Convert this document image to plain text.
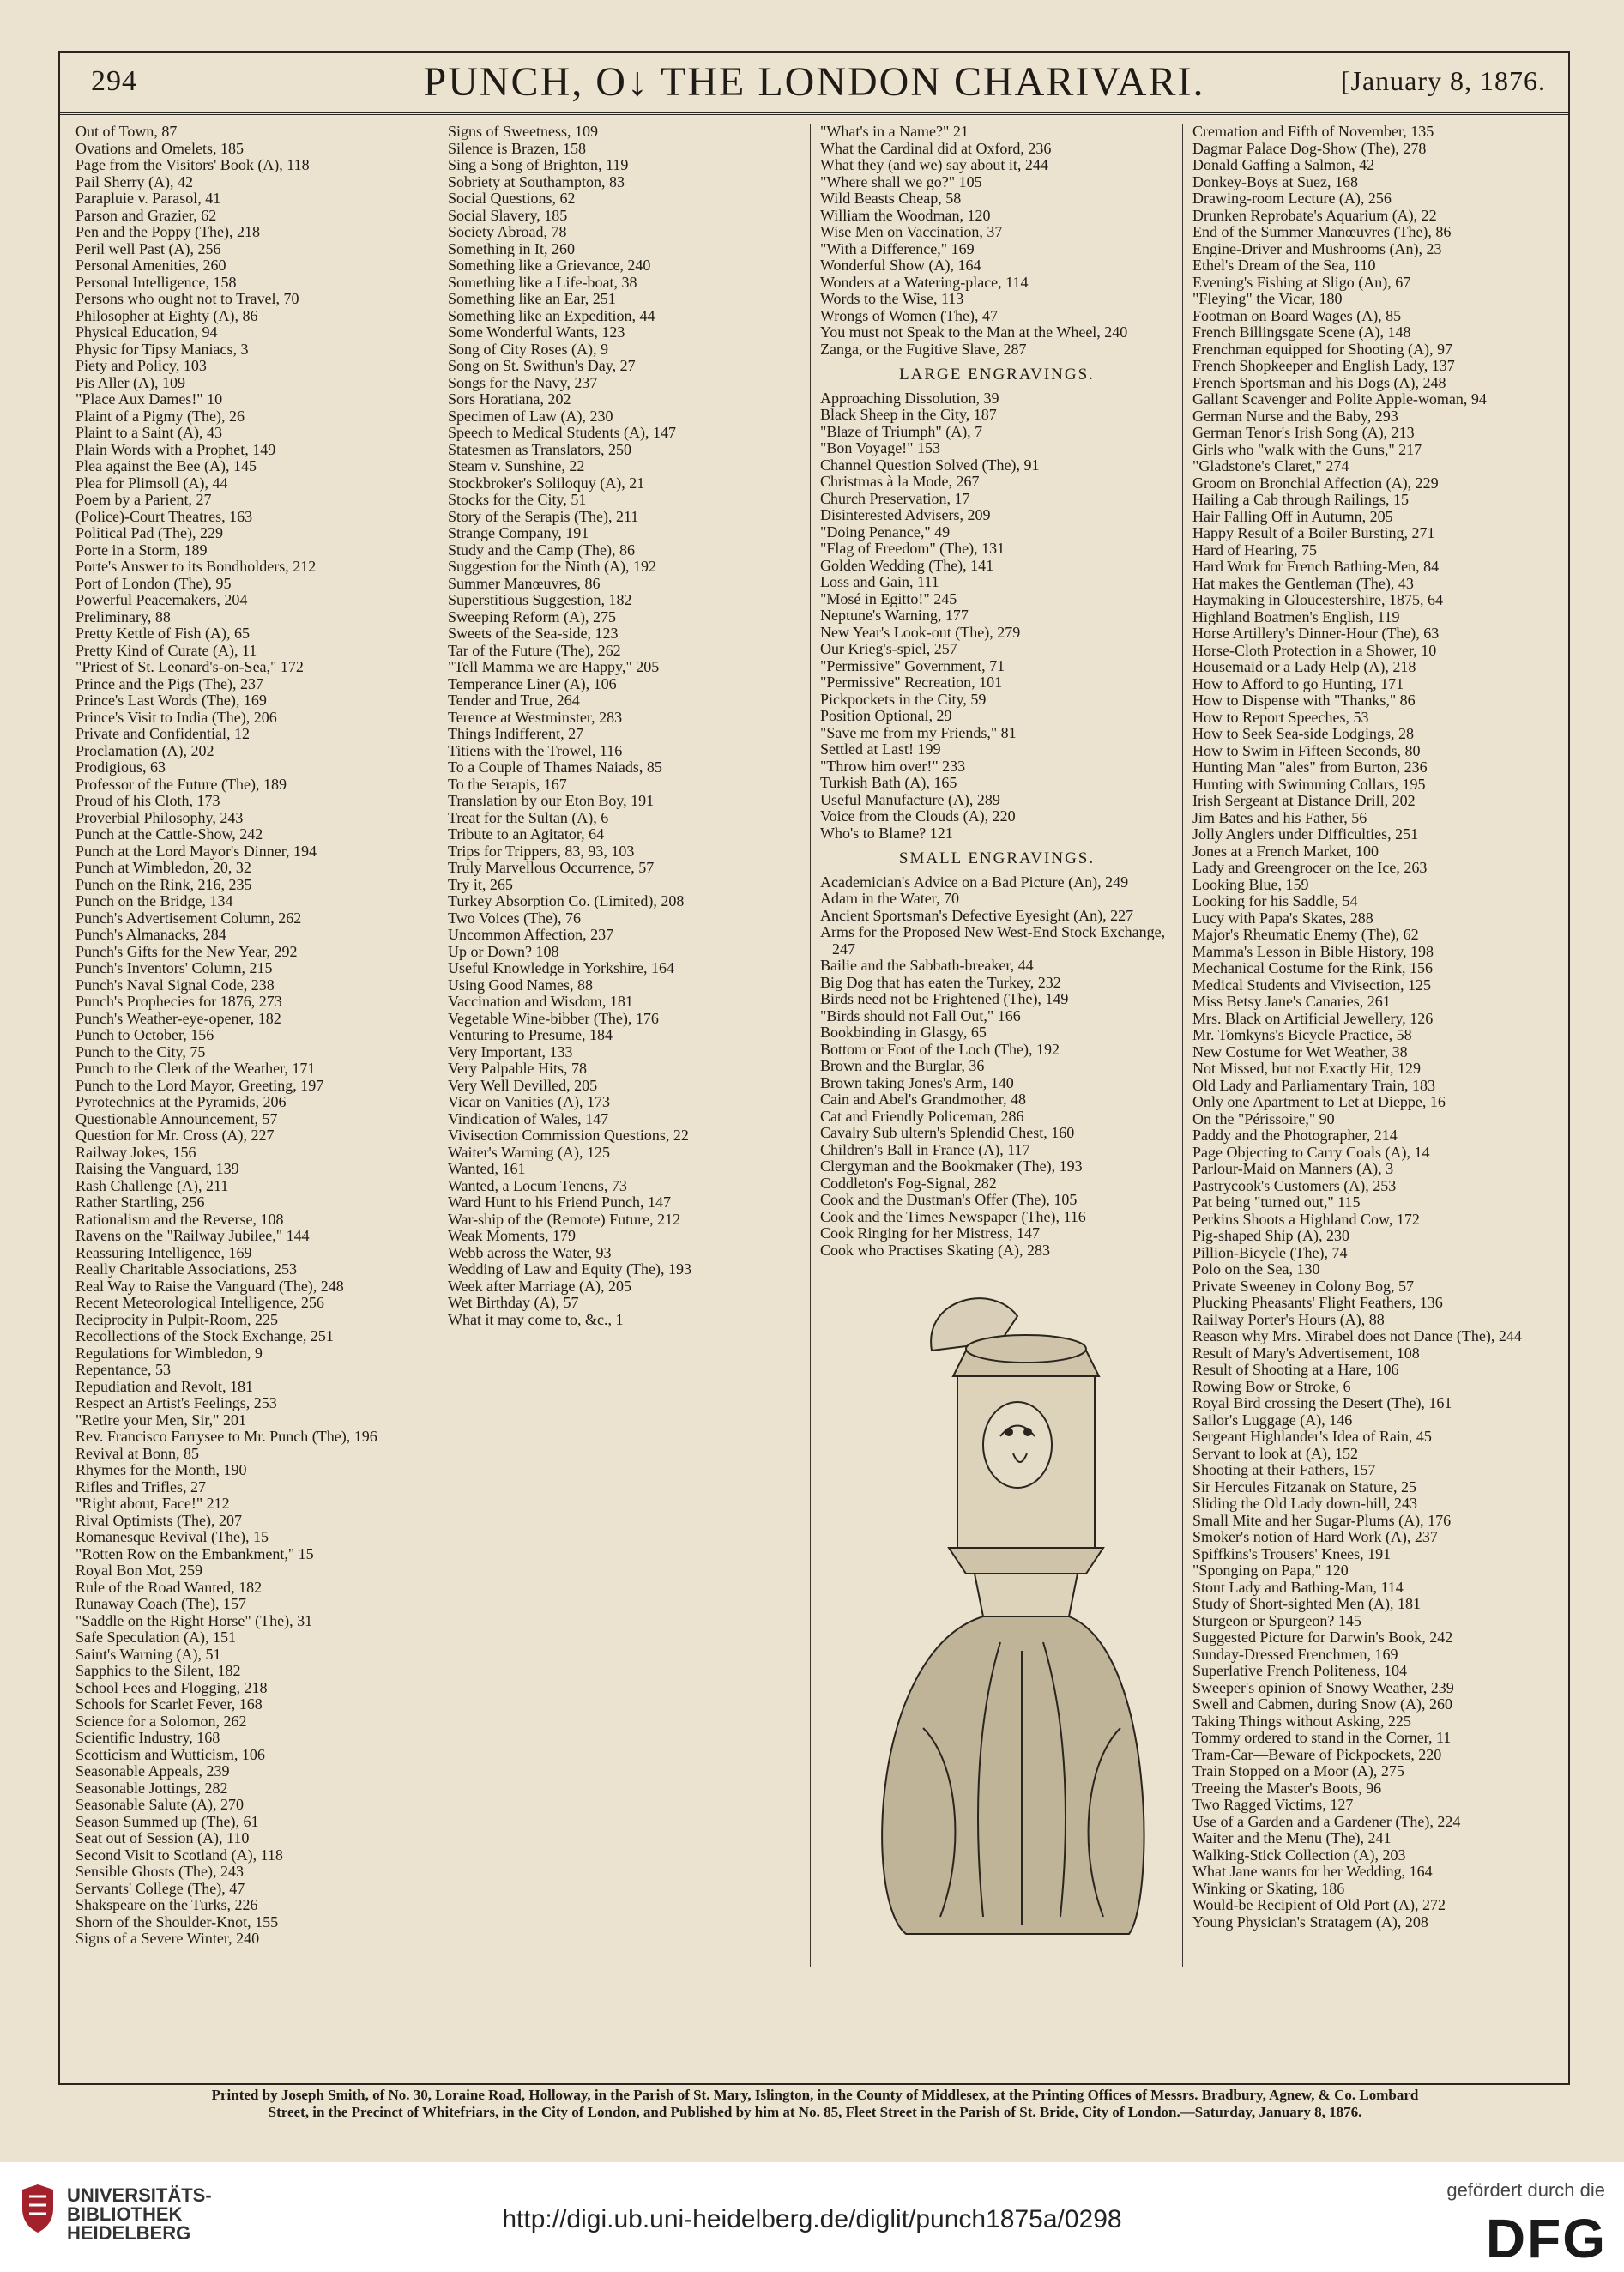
294	PUNCH, O↓ THE LONDON CHARIVARI.	[January 8, 1876.
Out of Town, 87
Ovations and Omelets, 185
Page from the Visitors' Book (A), 118
Pail Sherry (A), 42
Parapluie v. Parasol, 41
Parson and Grazier, 62
Pen and the Poppy (The), 218
Peril well Past (A), 256
Personal Amenities, 260
Personal Intelligence, 158
Persons who ought not to Travel, 70
Philosopher at Eighty (A), 86
Physical Education, 94
Physic for Tipsy Maniacs, 3
Piety and Policy, 103
Pis Aller (A), 109
"Place Aux Dames!" 10
Plaint of a Pigmy (The), 26
Plaint to a Saint (A), 43
Plain Words with a Prophet, 149
Plea against the Bee (A), 145
Plea for Plimsoll (A), 44
Poem by a Parient, 27
(Police)-Court Theatres, 163
Political Pad (The), 229
Porte in a Storm, 189
Porte's Answer to its Bondholders, 212
Port of London (The), 95
Powerful Peacemakers, 204
Preliminary, 88
Pretty Kettle of Fish (A), 65
Pretty Kind of Curate (A), 11
"Priest of St. Leonard's-on-Sea," 172
Prince and the Pigs (The), 237
Prince's Last Words (The), 169
Prince's Visit to India (The), 206
Private and Confidential, 12
Proclamation (A), 202
Prodigious, 63
Professor of the Future (The), 189
Proud of his Cloth, 173
Proverbial Philosophy, 243
Punch at the Cattle-Show, 242
Punch at the Lord Mayor's Dinner, 194
Punch at Wimbledon, 20, 32
Punch on the Rink, 216, 235
Punch on the Bridge, 134
Punch's Advertisement Column, 262
Punch's Almanacks, 284
Punch's Gifts for the New Year, 292
Punch's Inventors' Column, 215
Punch's Naval Signal Code, 238
Punch's Prophecies for 1876, 273
Punch's Weather-eye-opener, 182
Punch to October, 156
Punch to the City, 75
Punch to the Clerk of the Weather, 171
Punch to the Lord Mayor, Greeting, 197
Pyrotechnics at the Pyramids, 206
Questionable Announcement, 57
Question for Mr. Cross (A), 227
Railway Jokes, 156
Raising the Vanguard, 139
Rash Challenge (A), 211
Rather Startling, 256
Rationalism and the Reverse, 108
Ravens on the "Railway Jubilee," 144
Reassuring Intelligence, 169
Really Charitable Associations, 253
Real Way to Raise the Vanguard (The), 248
Recent Meteorological Intelligence, 256
Reciprocity in Pulpit-Room, 225
Recollections of the Stock Exchange, 251
Regulations for Wimbledon, 9
Repentance, 53
Repudiation and Revolt, 181
Respect an Artist's Feelings, 253
"Retire your Men, Sir," 201
Rev. Francisco Farrysee to Mr. Punch (The), 196
Revival at Bonn, 85
Rhymes for the Month, 190
Rifles and Trifles, 27
"Right about, Face!" 212
Rival Optimists (The), 207
Romanesque Revival (The), 15
"Rotten Row on the Embankment," 15
Royal Bon Mot, 259
Rule of the Road Wanted, 182
Runaway Coach (The), 157
"Saddle on the Right Horse" (The), 31
Safe Speculation (A), 151
Saint's Warning (A), 51
Sapphics to the Silent, 182
School Fees and Flogging, 218
Schools for Scarlet Fever, 168
Science for a Solomon, 262
Scientific Industry, 168
Scotticism and Wutticism, 106
Seasonable Appeals, 239
Seasonable Jottings, 282
Seasonable Salute (A), 270
Season Summed up (The), 61
Seat out of Session (A), 110
Second Visit to Scotland (A), 118
Sensible Ghosts (The), 243
Servants' College (The), 47
Shakspeare on the Turks, 226
Shorn of the Shoulder-Knot, 155
Signs of a Severe Winter, 240
Signs of Sweetness, 109
Silence is Brazen, 158
Sing a Song of Brighton, 119
Sobriety at Southampton, 83
Social Questions, 62
Social Slavery, 185
Society Abroad, 78
Something in It, 260
Something like a Grievance, 240
Something like a Life-boat, 38
Something like an Ear, 251
Something like an Expedition, 44
Some Wonderful Wants, 123
Song of City Roses (A), 9
Song on St. Swithun's Day, 27
Songs for the Navy, 237
Sors Horatiana, 202
Specimen of Law (A), 230
Speech to Medical Students (A), 147
Statesmen as Translators, 250
Steam v. Sunshine, 22
Stockbroker's Soliloquy (A), 21
Stocks for the City, 51
Story of the Serapis (The), 211
Strange Company, 191
Study and the Camp (The), 86
Suggestion for the Ninth (A), 192
Summer Manœuvres, 86
Superstitious Suggestion, 182
Sweeping Reform (A), 275
Sweets of the Sea-side, 123
Tar of the Future (The), 262
"Tell Mamma we are Happy," 205
Temperance Liner (A), 106
Tender and True, 264
Terence at Westminster, 283
Things Indifferent, 27
Titiens with the Trowel, 116
To a Couple of Thames Naiads, 85
To the Serapis, 167
Translation by our Eton Boy, 191
Treat for the Sultan (A), 6
Tribute to an Agitator, 64
Trips for Trippers, 83, 93, 103
Truly Marvellous Occurrence, 57
Try it, 265
Turkey Absorption Co. (Limited), 208
Two Voices (The), 76
Uncommon Affection, 237
Up or Down? 108
Useful Knowledge in Yorkshire, 164
Using Good Names, 88
Vaccination and Wisdom, 181
Vegetable Wine-bibber (The), 176
Venturing to Presume, 184
Very Important, 133
Very Palpable Hits, 78
Very Well Devilled, 205
Vicar on Vanities (A), 173
Vindication of Wales, 147
Vivisection Commission Questions, 22
Waiter's Warning (A), 125
Wanted, 161
Wanted, a Locum Tenens, 73
Ward Hunt to his Friend Punch, 147
War-ship of the (Remote) Future, 212
Weak Moments, 179
Webb across the Water, 93
Wedding of Law and Equity (The), 193
Week after Marriage (A), 205
Wet Birthday (A), 57
What it may come to, &c., 1
"What's in a Name?" 21
What the Cardinal did at Oxford, 236
What they (and we) say about it, 244
"Where shall we go?" 105
Wild Beasts Cheap, 58
William the Woodman, 120
Wise Men on Vaccination, 37
"With a Difference," 169
Wonderful Show (A), 164
Wonders at a Watering-place, 114
Words to the Wise, 113
Wrongs of Women (The), 47
You must not Speak to the Man at the Wheel, 240
Zanga, or the Fugitive Slave, 287
LARGE ENGRAVINGS.
Approaching Dissolution, 39
Black Sheep in the City, 187
"Blaze of Triumph" (A), 7
"Bon Voyage!" 153
Channel Question Solved (The), 91
Christmas à la Mode, 267
Church Preservation, 17
Disinterested Advisers, 209
"Doing Penance," 49
"Flag of Freedom" (The), 131
Golden Wedding (The), 141
Loss and Gain, 111
"Mosé in Egitto!" 245
Neptune's Warning, 177
New Year's Look-out (The), 279
Our Krieg's-spiel, 257
"Permissive" Government, 71
"Permissive" Recreation, 101
Pickpockets in the City, 59
Position Optional, 29
"Save me from my Friends," 81
Settled at Last! 199
"Throw him over!" 233
Turkish Bath (A), 165
Useful Manufacture (A), 289
Voice from the Clouds (A), 220
Who's to Blame? 121
SMALL ENGRAVINGS.
Academician's Advice on a Bad Picture (An), 249
Adam in the Water, 70
Ancient Sportsman's Defective Eyesight (An), 227
Arms for the Proposed New West-End Stock Exchange, 247
Bailie and the Sabbath-breaker, 44
Big Dog that has eaten the Turkey, 232
Birds need not be Frightened (The), 149
"Birds should not Fall Out," 166
Bookbinding in Glasgy, 65
Bottom or Foot of the Loch (The), 192
Brown and the Burglar, 36
Brown taking Jones's Arm, 140
Cain and Abel's Grandmother, 48
Cat and Friendly Policeman, 286
Cavalry Sub ultern's Splendid Chest, 160
Children's Ball in France (A), 117
Clergyman and the Bookmaker (The), 193
Coddleton's Fog-Signal, 282
Cook and the Dustman's Offer (The), 105
Cook and the Times Newspaper (The), 116
Cook Ringing for her Mistress, 147
Cook who Practises Skating (A), 283
Cremation and Fifth of November, 135
Dagmar Palace Dog-Show (The), 278
Donald Gaffing a Salmon, 42
Donkey-Boys at Suez, 168
Drawing-room Lecture (A), 256
Drunken Reprobate's Aquarium (A), 22
End of the Summer Manœuvres (The), 86
Engine-Driver and Mushrooms (An), 23
Ethel's Dream of the Sea, 110
Evening's Fishing at Sligo (An), 67
"Fleying" the Vicar, 180
Footman on Board Wages (A), 85
French Billingsgate Scene (A), 148
Frenchman equipped for Shooting (A), 97
French Shopkeeper and English Lady, 137
French Sportsman and his Dogs (A), 248
Gallant Scavenger and Polite Apple-woman, 94
German Nurse and the Baby, 293
German Tenor's Irish Song (A), 213
Girls who "walk with the Guns," 217
"Gladstone's Claret," 274
Groom on Bronchial Affection (A), 229
Hailing a Cab through Railings, 15
Hair Falling Off in Autumn, 205
Happy Result of a Boiler Bursting, 271
Hard of Hearing, 75
Hard Work for French Bathing-Men, 84
Hat makes the Gentleman (The), 43
Haymaking in Gloucestershire, 1875, 64
Highland Boatmen's English, 119
Horse Artillery's Dinner-Hour (The), 63
Horse-Cloth Protection in a Shower, 10
Housemaid or a Lady Help (A), 218
How to Afford to go Hunting, 171
How to Dispense with "Thanks," 86
How to Report Speeches, 53
How to Seek Sea-side Lodgings, 28
How to Swim in Fifteen Seconds, 80
Hunting Man "ales" from Burton, 236
Hunting with Swimming Collars, 195
Irish Sergeant at Distance Drill, 202
Jim Bates and his Father, 56
Jolly Anglers under Difficulties, 251
Jones at a French Market, 100
Lady and Greengrocer on the Ice, 263
Looking Blue, 159
Looking for his Saddle, 54
Lucy with Papa's Skates, 288
Major's Rheumatic Enemy (The), 62
Mamma's Lesson in Bible History, 198
Mechanical Costume for the Rink, 156
Medical Students and Vivisection, 125
Miss Betsy Jane's Canaries, 261
Mrs. Black on Artificial Jewellery, 126
Mr. Tomkyns's Bicycle Practice, 58
New Costume for Wet Weather, 38
Not Missed, but not Exactly Hit, 129
Old Lady and Parliamentary Train, 183
Only one Apartment to Let at Dieppe, 16
On the "Périssoire," 90
Paddy and the Photographer, 214
Page Objecting to Carry Coals (A), 14
Parlour-Maid on Manners (A), 3
Pastrycook's Customers (A), 253
Pat being "turned out," 115
Perkins Shoots a Highland Cow, 172
Pig-shaped Ship (A), 230
Pillion-Bicycle (The), 74
Polo on the Sea, 130
Private Sweeney in Colony Bog, 57
Plucking Pheasants' Flight Feathers, 136
Railway Porter's Hours (A), 88
Reason why Mrs. Mirabel does not Dance (The), 244
Result of Mary's Advertisement, 108
Result of Shooting at a Hare, 106
Rowing Bow or Stroke, 6
Royal Bird crossing the Desert (The), 161
Sailor's Luggage (A), 146
Sergeant Highlander's Idea of Rain, 45
Servant to look at (A), 152
Shooting at their Fathers, 157
Sir Hercules Fitzanak on Stature, 25
Sliding the Old Lady down-hill, 243
Small Mite and her Sugar-Plums (A), 176
Smoker's notion of Hard Work (A), 237
Spiffkins's Trousers' Knees, 191
"Sponging on Papa," 120
Stout Lady and Bathing-Man, 114
Study of Short-sighted Men (A), 181
Sturgeon or Spurgeon? 145
Suggested Picture for Darwin's Book, 242
Sunday-Dressed Frenchmen, 169
Superlative French Politeness, 104
Sweeper's opinion of Snowy Weather, 239
Swell and Cabmen, during Snow (A), 260
Taking Things without Asking, 225
Tommy ordered to stand in the Corner, 11
Tram-Car—Beware of Pickpockets, 220
Train Stopped on a Moor (A), 275
Treeing the Master's Boots, 96
Two Ragged Victims, 127
Use of a Garden and a Gardener (The), 224
Waiter and the Menu (The), 241
Walking-Stick Collection (A), 203
What Jane wants for her Wedding, 164
Winking or Skating, 186
Would-be Recipient of Old Port (A), 272
Young Physician's Stratagem (A), 208
Printed by Joseph Smith, of No. 30, Loraine Road, Holloway, in the Parish of St. Mary, Islington, in the County of Middlesex, at the Printing Offices of Messrs. Bradbury, Agnew, & Co. Lombard
Street, in the Precinct of Whitefriars, in the City of London, and Published by him at No. 85, Fleet Street in the Parish of St. Bride, City of London.—Saturday, January 8, 1876.
UNIVERSITÄTS-
BIBLIOTHEK
HEIDELBERG	http://digi.ub.uni-heidelberg.de/diglit/punch1875a/0298
gefördert durch die
DFG
